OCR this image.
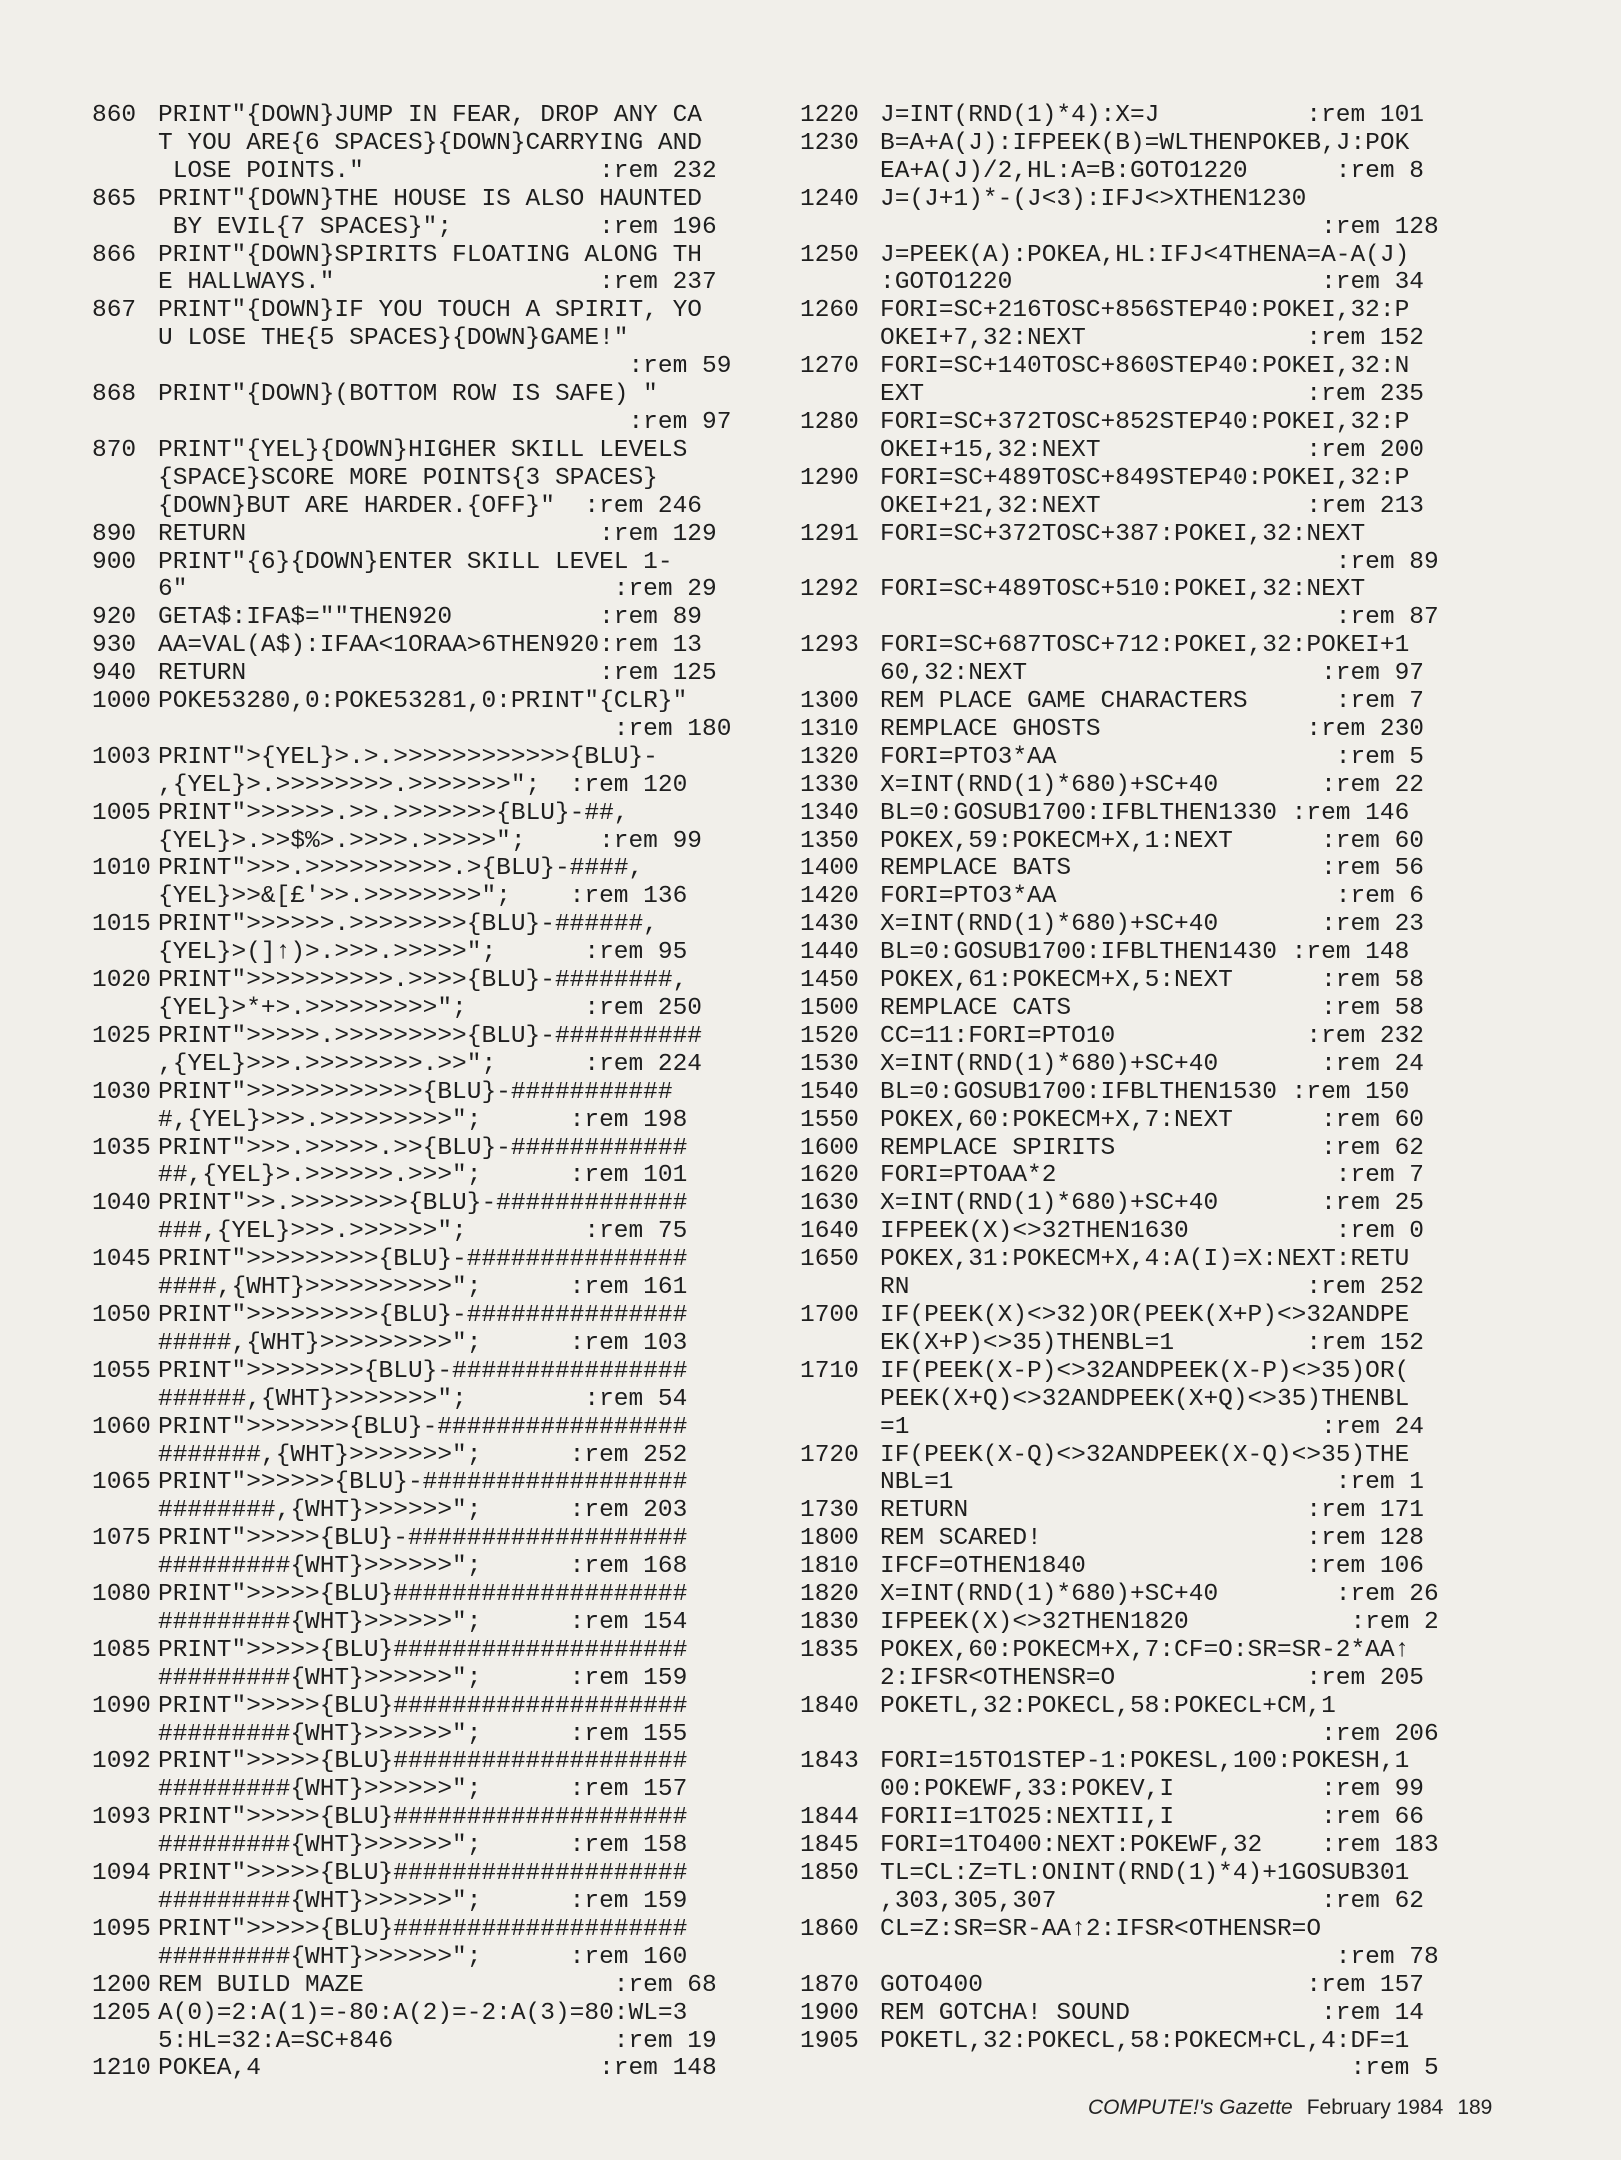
860 PRINT"{DOWN}JUMP IN FEAR, DROP ANY CA
T YOU ARE{6 SPACES}{DOWN}CARRYING AND
LOSE POINTS."                :rem 232
865 PRINT"{DOWN}THE HOUSE IS ALSO HAUNTED
BY EVIL{7 SPACES}";          :rem 196
866 PRINT"{DOWN}SPIRITS FLOATING ALONG TH
E HALLWAYS."                  :rem 237
867 PRINT"{DOWN}IF YOU TOUCH A SPIRIT, YO
U LOSE THE{5 SPACES}{DOWN}GAME!"
:rem 59
868 PRINT"{DOWN}(BOTTOM ROW IS SAFE) "
:rem 97
870 PRINT"{YEL}{DOWN}HIGHER SKILL LEVELS
{SPACE}SCORE MORE POINTS{3 SPACES}
{DOWN}BUT ARE HARDER.{OFF}"  :rem 246
890 RETURN                        :rem 129
900 PRINT"{6}{DOWN}ENTER SKILL LEVEL 1-
6"                             :rem 29
920 GETA$:IFA$=""THEN920          :rem 89
930 AA=VAL(A$):IFAA<1ORAA>6THEN920:rem 13
940 RETURN                        :rem 125
1000 POKE53280,0:POKE53281,0:PRINT"{CLR}"
:rem 180
1003 PRINT">{YEL}>.>.>>>>>>>>>>>>{BLU}-
,{YEL}>.>>>>>>>>.>>>>>>>";  :rem 120
1005 PRINT">>>>>>.>>.>>>>>>>{BLU}-##,
{YEL}>.>>$%>.>>>>.>>>>>";     :rem 99
1010 PRINT">>>.>>>>>>>>>>.>{BLU}-####,
{YEL}>>&[£'>>.>>>>>>>>";    :rem 136
1015 PRINT">>>>>>.>>>>>>>>{BLU}-######,
{YEL}>(]↑)>.>>>.>>>>>";      :rem 95
1020 PRINT">>>>>>>>>>.>>>>{BLU}-########,
{YEL}>*+>.>>>>>>>>>";        :rem 250
1025 PRINT">>>>>.>>>>>>>>>{BLU}-##########
,{YEL}>>>.>>>>>>>>.>>";      :rem 224
1030 PRINT">>>>>>>>>>>>{BLU}-###########
#,{YEL}>>>.>>>>>>>>>";      :rem 198
1035 PRINT">>>.>>>>>.>>{BLU}-############
##,{YEL}>.>>>>>>.>>>";      :rem 101
1040 PRINT">>.>>>>>>>>{BLU}-#############
###,{YEL}>>>.>>>>>>";        :rem 75
1045 PRINT">>>>>>>>>{BLU}-###############
####,{WHT}>>>>>>>>>>";      :rem 161
1050 PRINT">>>>>>>>>{BLU}-###############
#####,{WHT}>>>>>>>>>";      :rem 103
1055 PRINT">>>>>>>>{BLU}-################
######,{WHT}>>>>>>>";        :rem 54
1060 PRINT">>>>>>>{BLU}-#################
#######,{WHT}>>>>>>>";      :rem 252
1065 PRINT">>>>>>{BLU}-##################
########,{WHT}>>>>>>";      :rem 203
1075 PRINT">>>>>{BLU}-###################
#########{WHT}>>>>>>";      :rem 168
1080 PRINT">>>>>{BLU}####################
#########{WHT}>>>>>>";      :rem 154
1085 PRINT">>>>>{BLU}####################
#########{WHT}>>>>>>";      :rem 159
1090 PRINT">>>>>{BLU}####################
#########{WHT}>>>>>>";      :rem 155
1092 PRINT">>>>>{BLU}####################
#########{WHT}>>>>>>";      :rem 157
1093 PRINT">>>>>{BLU}####################
#########{WHT}>>>>>>";      :rem 158
1094 PRINT">>>>>{BLU}####################
#########{WHT}>>>>>>";      :rem 159
1095 PRINT">>>>>{BLU}####################
#########{WHT}>>>>>>";      :rem 160
1200 REM BUILD MAZE                 :rem 68
1205 A(0)=2:A(1)=-80:A(2)=-2:A(3)=80:WL=3
5:HL=32:A=SC+846               :rem 19
1210 POKEA,4                       :rem 148
1220 J=INT(RND(1)*4):X=J          :rem 101
1230 B=A+A(J):IFPEEK(B)=WLTHENPOKEB,J:POK
EA+A(J)/2,HL:A=B:GOTO1220      :rem 8
1240 J=(J+1)*-(J<3):IFJ<>XTHEN1230
:rem 128
1250 J=PEEK(A):POKEA,HL:IFJ<4THENA=A-A(J)
:GOTO1220                     :rem 34
1260 FORI=SC+216TOSC+856STEP40:POKEI,32:P
OKEI+7,32:NEXT               :rem 152
1270 FORI=SC+140TOSC+860STEP40:POKEI,32:N
EXT                          :rem 235
1280 FORI=SC+372TOSC+852STEP40:POKEI,32:P
OKEI+15,32:NEXT              :rem 200
1290 FORI=SC+489TOSC+849STEP40:POKEI,32:P
OKEI+21,32:NEXT              :rem 213
1291 FORI=SC+372TOSC+387:POKEI,32:NEXT
:rem 89
1292 FORI=SC+489TOSC+510:POKEI,32:NEXT
:rem 87
1293 FORI=SC+687TOSC+712:POKEI,32:POKEI+1
60,32:NEXT                    :rem 97
1300 REM PLACE GAME CHARACTERS      :rem 7
1310 REMPLACE GHOSTS              :rem 230
1320 FORI=PTO3*AA                   :rem 5
1330 X=INT(RND(1)*680)+SC+40       :rem 22
1340 BL=0:GOSUB1700:IFBLTHEN1330 :rem 146
1350 POKEX,59:POKECM+X,1:NEXT      :rem 60
1400 REMPLACE BATS                 :rem 56
1420 FORI=PTO3*AA                   :rem 6
1430 X=INT(RND(1)*680)+SC+40       :rem 23
1440 BL=0:GOSUB1700:IFBLTHEN1430 :rem 148
1450 POKEX,61:POKECM+X,5:NEXT      :rem 58
1500 REMPLACE CATS                 :rem 58
1520 CC=11:FORI=PTO10             :rem 232
1530 X=INT(RND(1)*680)+SC+40       :rem 24
1540 BL=0:GOSUB1700:IFBLTHEN1530 :rem 150
1550 POKEX,60:POKECM+X,7:NEXT      :rem 60
1600 REMPLACE SPIRITS              :rem 62
1620 FORI=PTOAA*2                   :rem 7
1630 X=INT(RND(1)*680)+SC+40       :rem 25
1640 IFPEEK(X)<>32THEN1630          :rem 0
1650 POKEX,31:POKECM+X,4:A(I)=X:NEXT:RETU
RN                           :rem 252
1700 IF(PEEK(X)<>32)OR(PEEK(X+P)<>32ANDPE
EK(X+P)<>35)THENBL=1         :rem 152
1710 IF(PEEK(X-P)<>32ANDPEEK(X-P)<>35)OR(
PEEK(X+Q)<>32ANDPEEK(X+Q)<>35)THENBL
=1                            :rem 24
1720 IF(PEEK(X-Q)<>32ANDPEEK(X-Q)<>35)THE
NBL=1                          :rem 1
1730 RETURN                       :rem 171
1800 REM SCARED!                  :rem 128
1810 IFCF=OTHEN1840               :rem 106
1820 X=INT(RND(1)*680)+SC+40        :rem 26
1830 IFPEEK(X)<>32THEN1820           :rem 2
1835 POKEX,60:POKECM+X,7:CF=O:SR=SR-2*AA↑
2:IFSR<OTHENSR=O             :rem 205
1840 POKETL,32:POKECL,58:POKECL+CM,1
:rem 206
1843 FORI=15TO1STEP-1:POKESL,100:POKESH,1
00:POKEWF,33:POKEV,I          :rem 99
1844 FORII=1TO25:NEXTII,I          :rem 66
1845 FORI=1TO400:NEXT:POKEWF,32    :rem 183
1850 TL=CL:Z=TL:ONINT(RND(1)*4)+1GOSUB301
,303,305,307                  :rem 62
1860 CL=Z:SR=SR-AA↑2:IFSR<OTHENSR=O
:rem 78
1870 GOTO400                      :rem 157
1900 REM GOTCHA! SOUND             :rem 14
1905 POKETL,32:POKECL,58:POKECM+CL,4:DF=1
:rem 5
COMPUTE!'s Gazette February 1984 189
